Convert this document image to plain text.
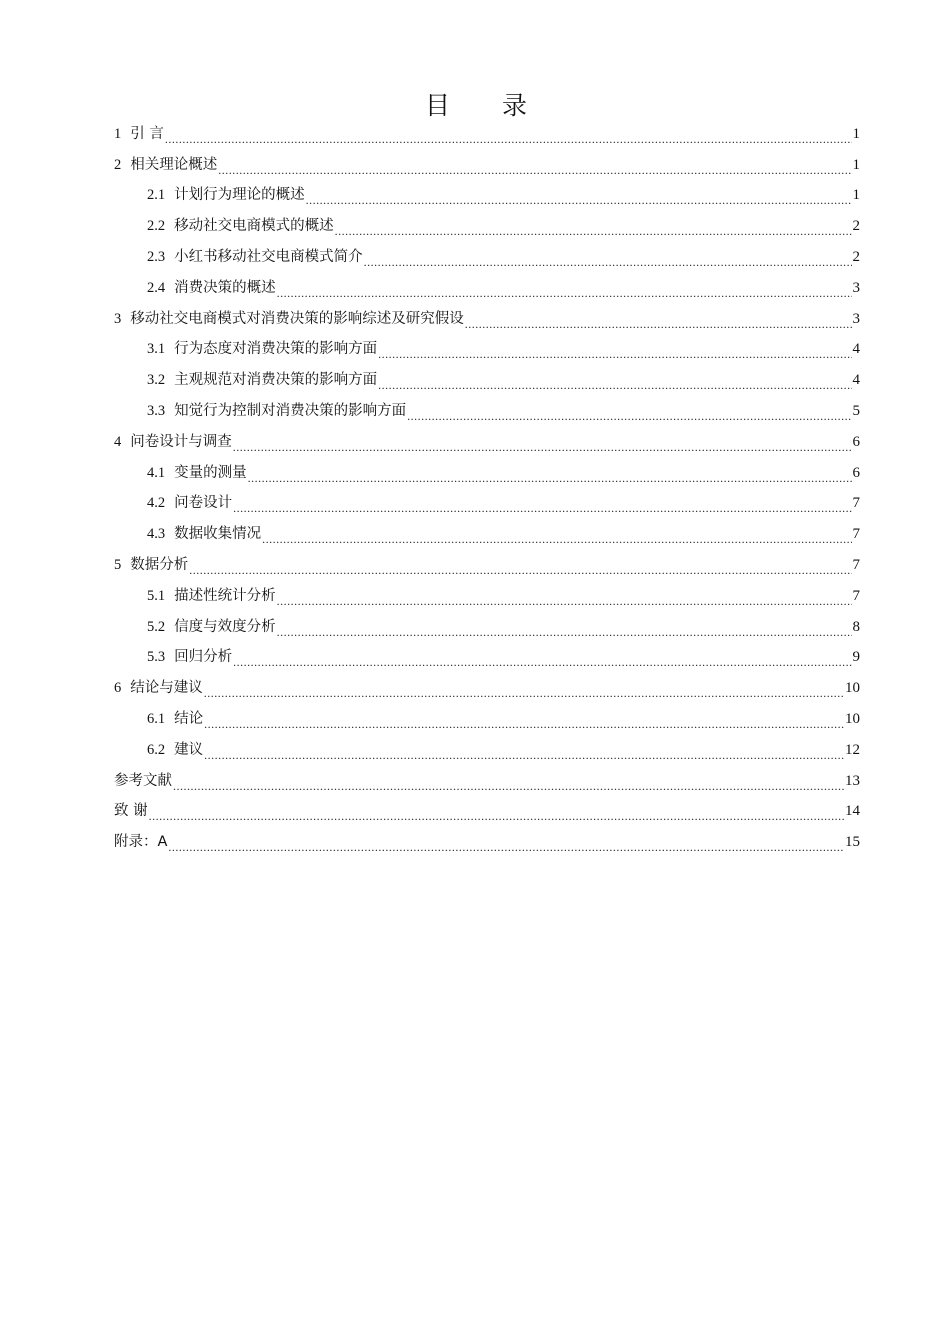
目 录
1 引 言 .....	1
2 相关理论概述 .....	1
2.1 计划行为理论的概述 .....	1
2.2 移动社交电商模式的概述 .....	2
2.3 小红书移动社交电商模式简介 .....	2
2.4 消费决策的概述 .....	3
3 移动社交电商模式对消费决策的影响综述及研究假设 .....	3
3.1 行为态度对消费决策的影响方面 .....	4
3.2 主观规范对消费决策的影响方面 .....	4
3.3 知觉行为控制对消费决策的影响方面 .....	5
4 问卷设计与调查 .....	6
4.1 变量的测量 .....	6
4.2 问卷设计 .....	7
4.3 数据收集情况 .....	7
5 数据分析 .....	7
5.1 描述性统计分析 .....	7
5.2 信度与效度分析 .....	8
5.3 回归分析 .....	9
6 结论与建议 .....	10
6.1 结论 .....	10
6.2 建议 .....	12
参考文献 .....	13
致 谢 .....	14
附录：A .....	15
